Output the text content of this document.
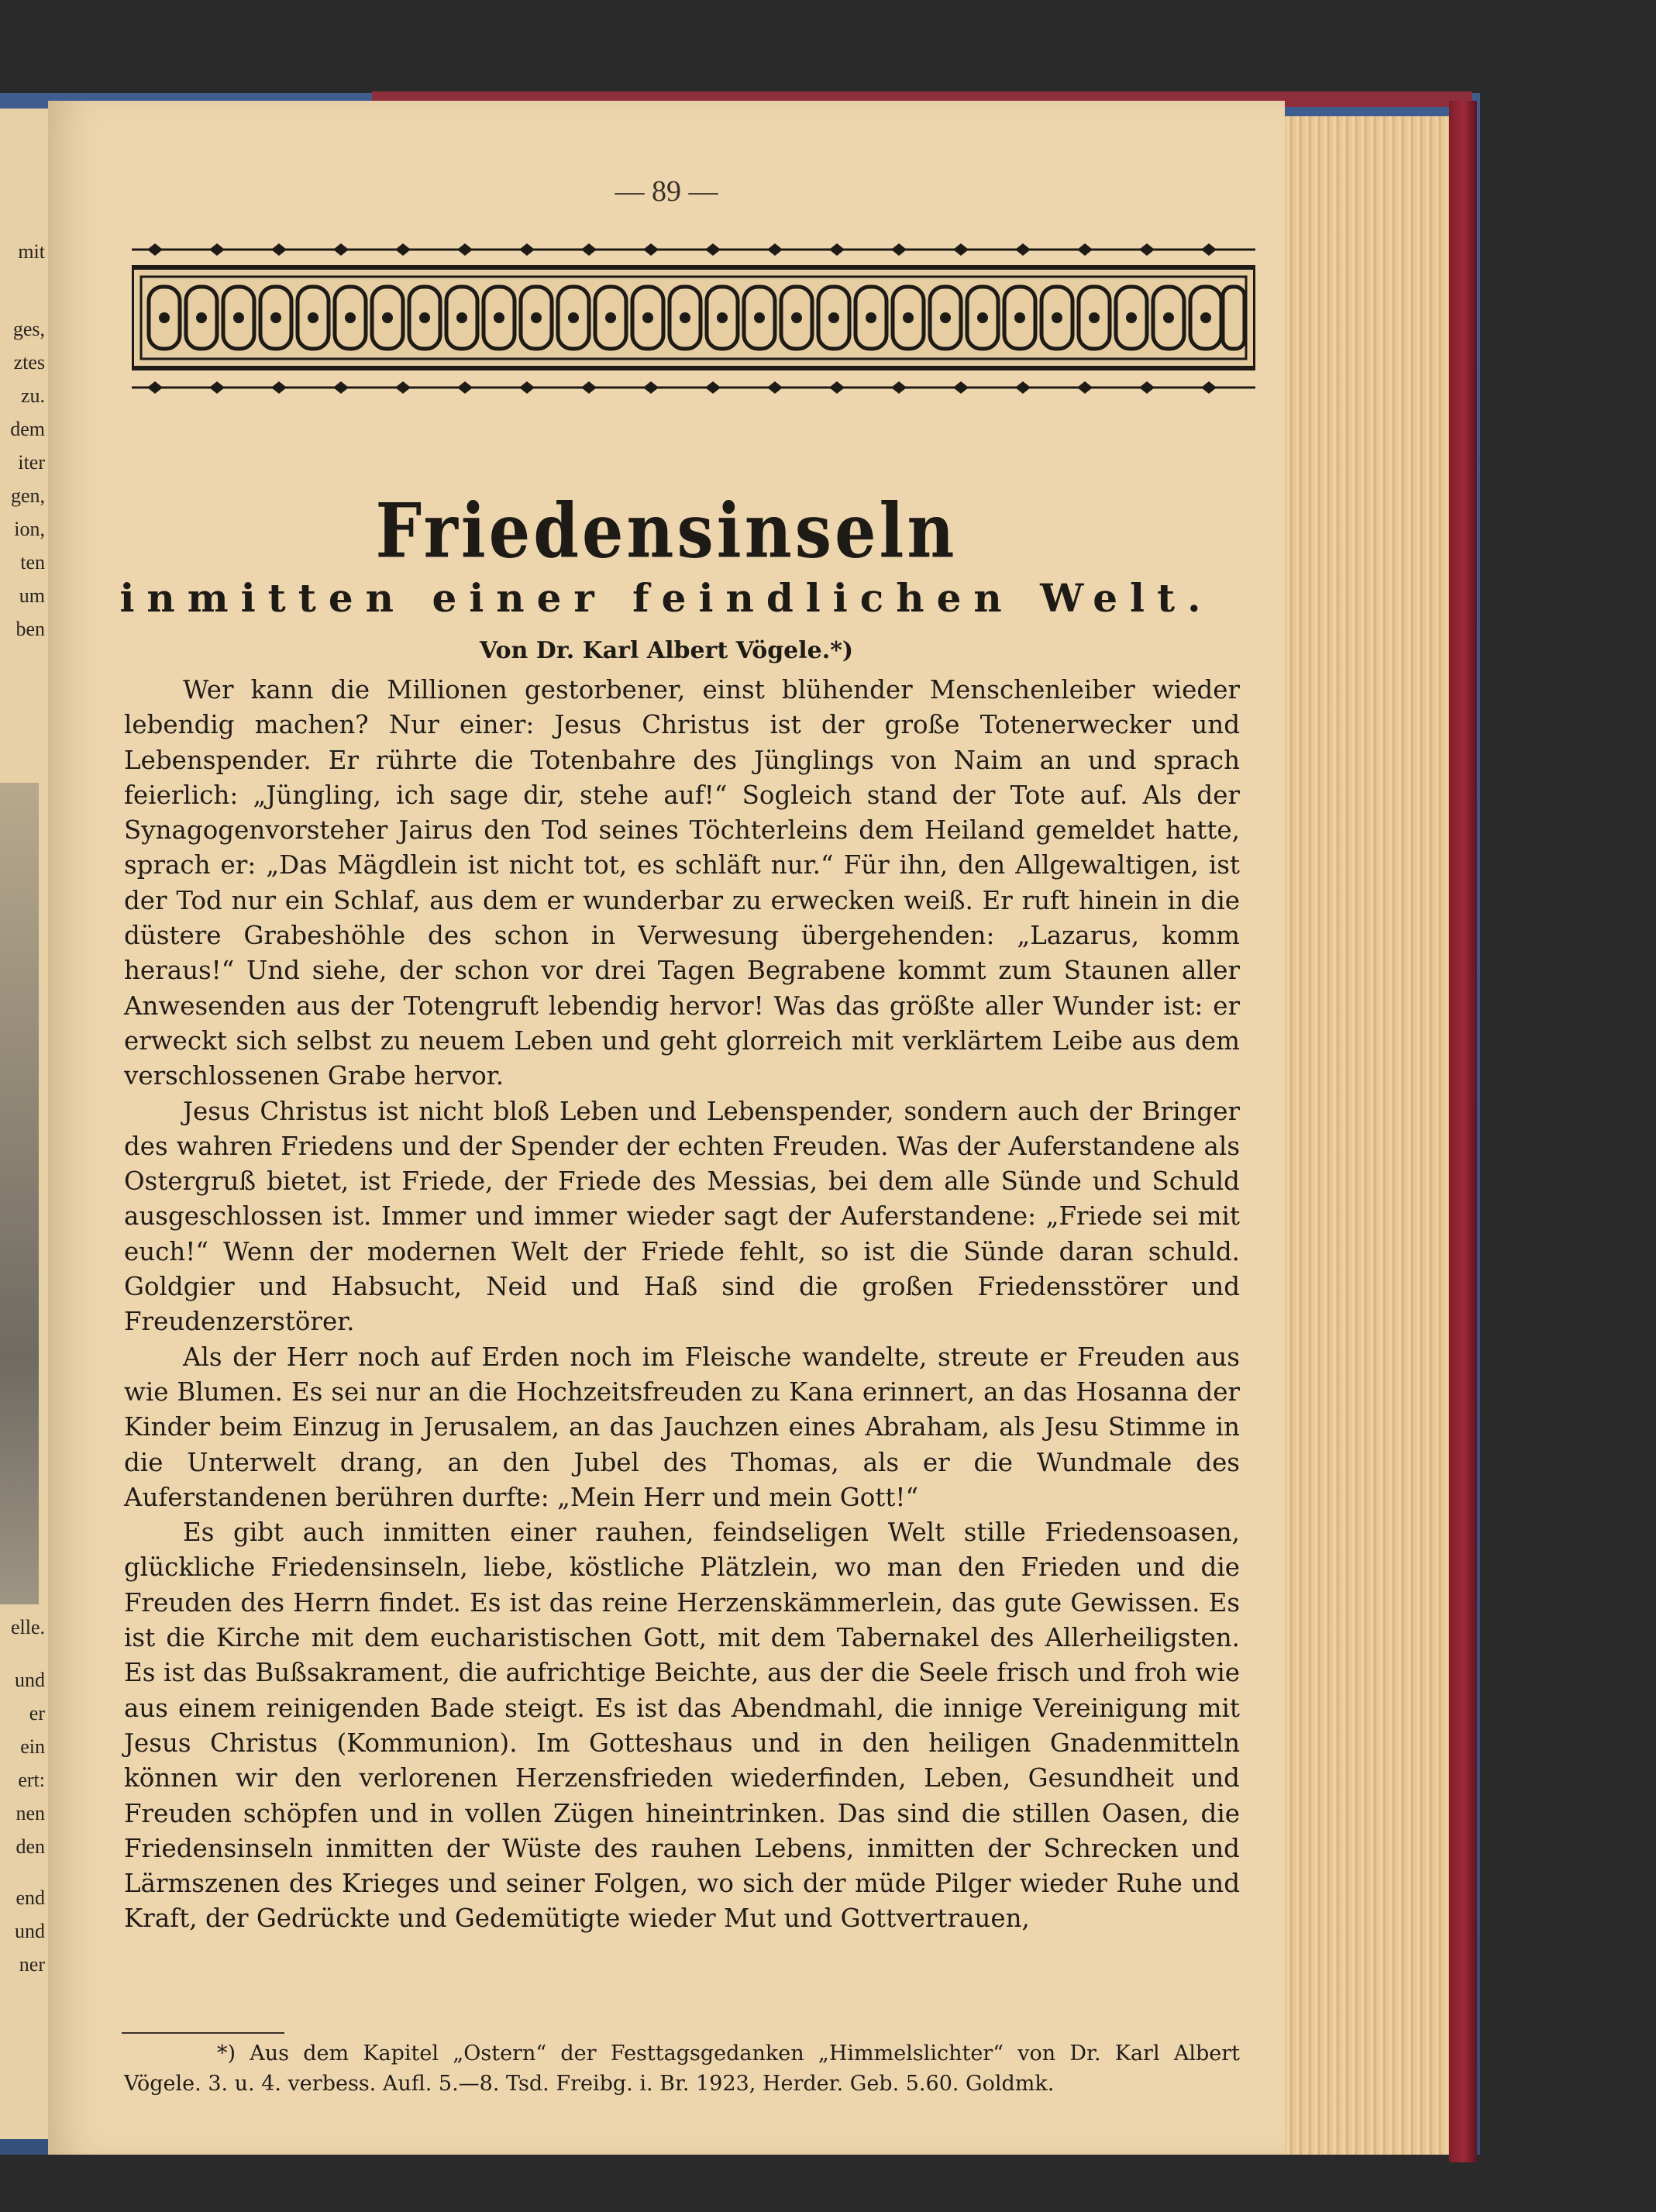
mit
ges,
ztes
zu.
dem
iter
gen,
ion,
ten
um
ben
elle.
und
er
ein
ert:
nen
den
end
und
ner
— 89 —
Friedensinseln
inmitten einer feindlichen Welt.
Von Dr. Karl Albert Vögele.*)

Wer kann die Millionen gestorbener, einst blühender Menschenleiber wieder lebendig machen? Nur einer: Jesus Christus ist der große Totenerwecker und Lebenspender. Er rührte die Totenbahre des Jünglings von Naim an und sprach feierlich: „Jüngling, ich sage dir, stehe auf!“ Sogleich stand der Tote auf. Als der Synagogenvorsteher Jairus den Tod seines Töchterleins dem Heiland gemeldet hatte, sprach er: „Das Mägdlein ist nicht tot, es schläft nur.“ Für ihn, den Allgewaltigen, ist der Tod nur ein Schlaf, aus dem er wunderbar zu erwecken weiß. Er ruft hinein in die düstere Grabeshöhle des schon in Verwesung übergehenden: „Lazarus, komm heraus!“ Und siehe, der schon vor drei Tagen Begrabene kommt zum Staunen aller Anwesenden aus der Totengruft lebendig hervor! Was das größte aller Wunder ist: er erweckt sich selbst zu neuem Leben und geht glorreich mit verklärtem Leibe aus dem verschlossenen Grabe hervor.

Jesus Christus ist nicht bloß Leben und Lebenspender, sondern auch der Bringer des wahren Friedens und der Spender der echten Freuden. Was der Auferstandene als Ostergruß bietet, ist Friede, der Friede des Messias, bei dem alle Sünde und Schuld ausgeschlossen ist. Immer und immer wieder sagt der Auferstandene: „Friede sei mit euch!“ Wenn der modernen Welt der Friede fehlt, so ist die Sünde daran schuld. Goldgier und Habsucht, Neid und Haß sind die großen Friedensstörer und Freudenzerstörer.

Als der Herr noch auf Erden noch im Fleische wandelte, streute er Freuden aus wie Blumen. Es sei nur an die Hochzeitsfreuden zu Kana erinnert, an das Hosanna der Kinder beim Einzug in Jerusalem, an das Jauchzen eines Abraham, als Jesu Stimme in die Unterwelt drang, an den Jubel des Thomas, als er die Wundmale des Auferstandenen berühren durfte: „Mein Herr und mein Gott!“

Es gibt auch inmitten einer rauhen, feindseligen Welt stille Friedensoasen, glückliche Friedensinseln, liebe, köstliche Plätzlein, wo man den Frieden und die Freuden des Herrn findet. Es ist das reine Herzenskämmerlein, das gute Gewissen. Es ist die Kirche mit dem eucharistischen Gott, mit dem Tabernakel des Allerheiligsten. Es ist das Bußsakrament, die aufrichtige Beichte, aus der die Seele frisch und froh wie aus einem reinigenden Bade steigt. Es ist das Abendmahl, die innige Vereinigung mit Jesus Christus (Kommunion). Im Gotteshaus und in den heiligen Gnadenmitteln können wir den verlorenen Herzensfrieden wiederfinden, Leben, Gesundheit und Freuden schöpfen und in vollen Zügen hineintrinken. Das sind die stillen Oasen, die Friedensinseln inmitten der Wüste des rauhen Lebens, inmitten der Schrecken und Lärmszenen des Krieges und seiner Folgen, wo sich der müde Pilger wieder Ruhe und Kraft, der Gedrückte und Gedemütigte wieder Mut und Gottvertrauen,

*) Aus dem Kapitel „Ostern“ der Festtagsgedanken „Himmelslichter“ von Dr. Karl Albert Vögele. 3. u. 4. verbess. Aufl. 5.—8. Tsd. Freibg. i. Br. 1923, Herder. Geb. 5.60. Goldmk.
